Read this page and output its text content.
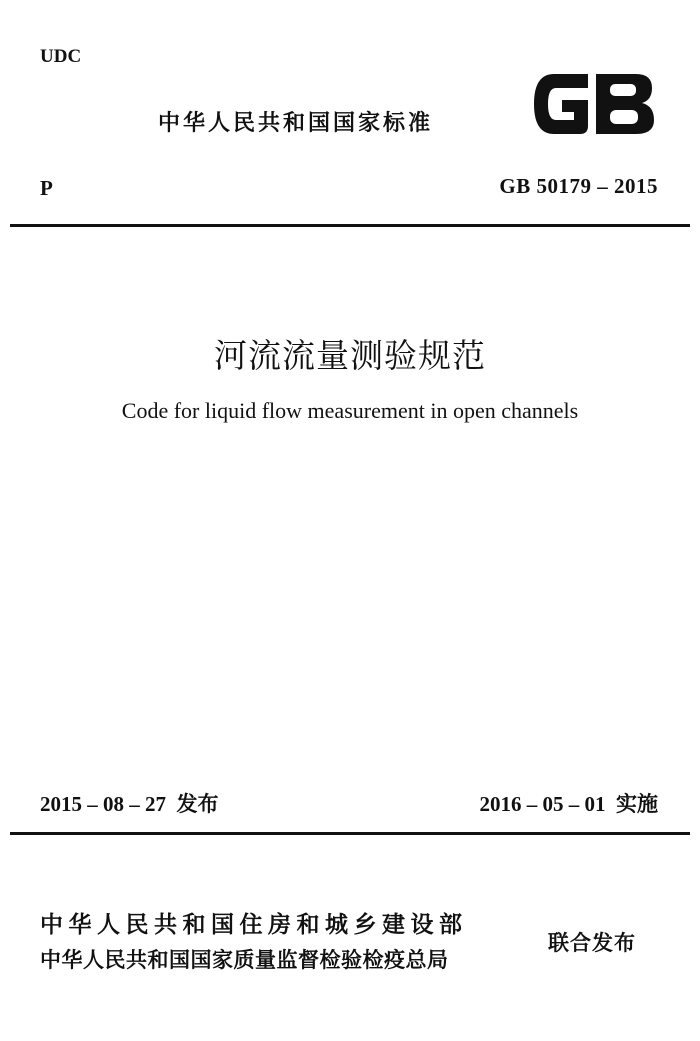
UDC
中华人民共和国国家标准
P	GB 50179 – 2015
河流流量测验规范
Code for liquid flow measurement in open channels
2015 – 08 – 27  发布	2016 – 05 – 01  实施
中华人民共和国住房和城乡建设部
中华人民共和国国家质量监督检验检疫总局
联合发布
